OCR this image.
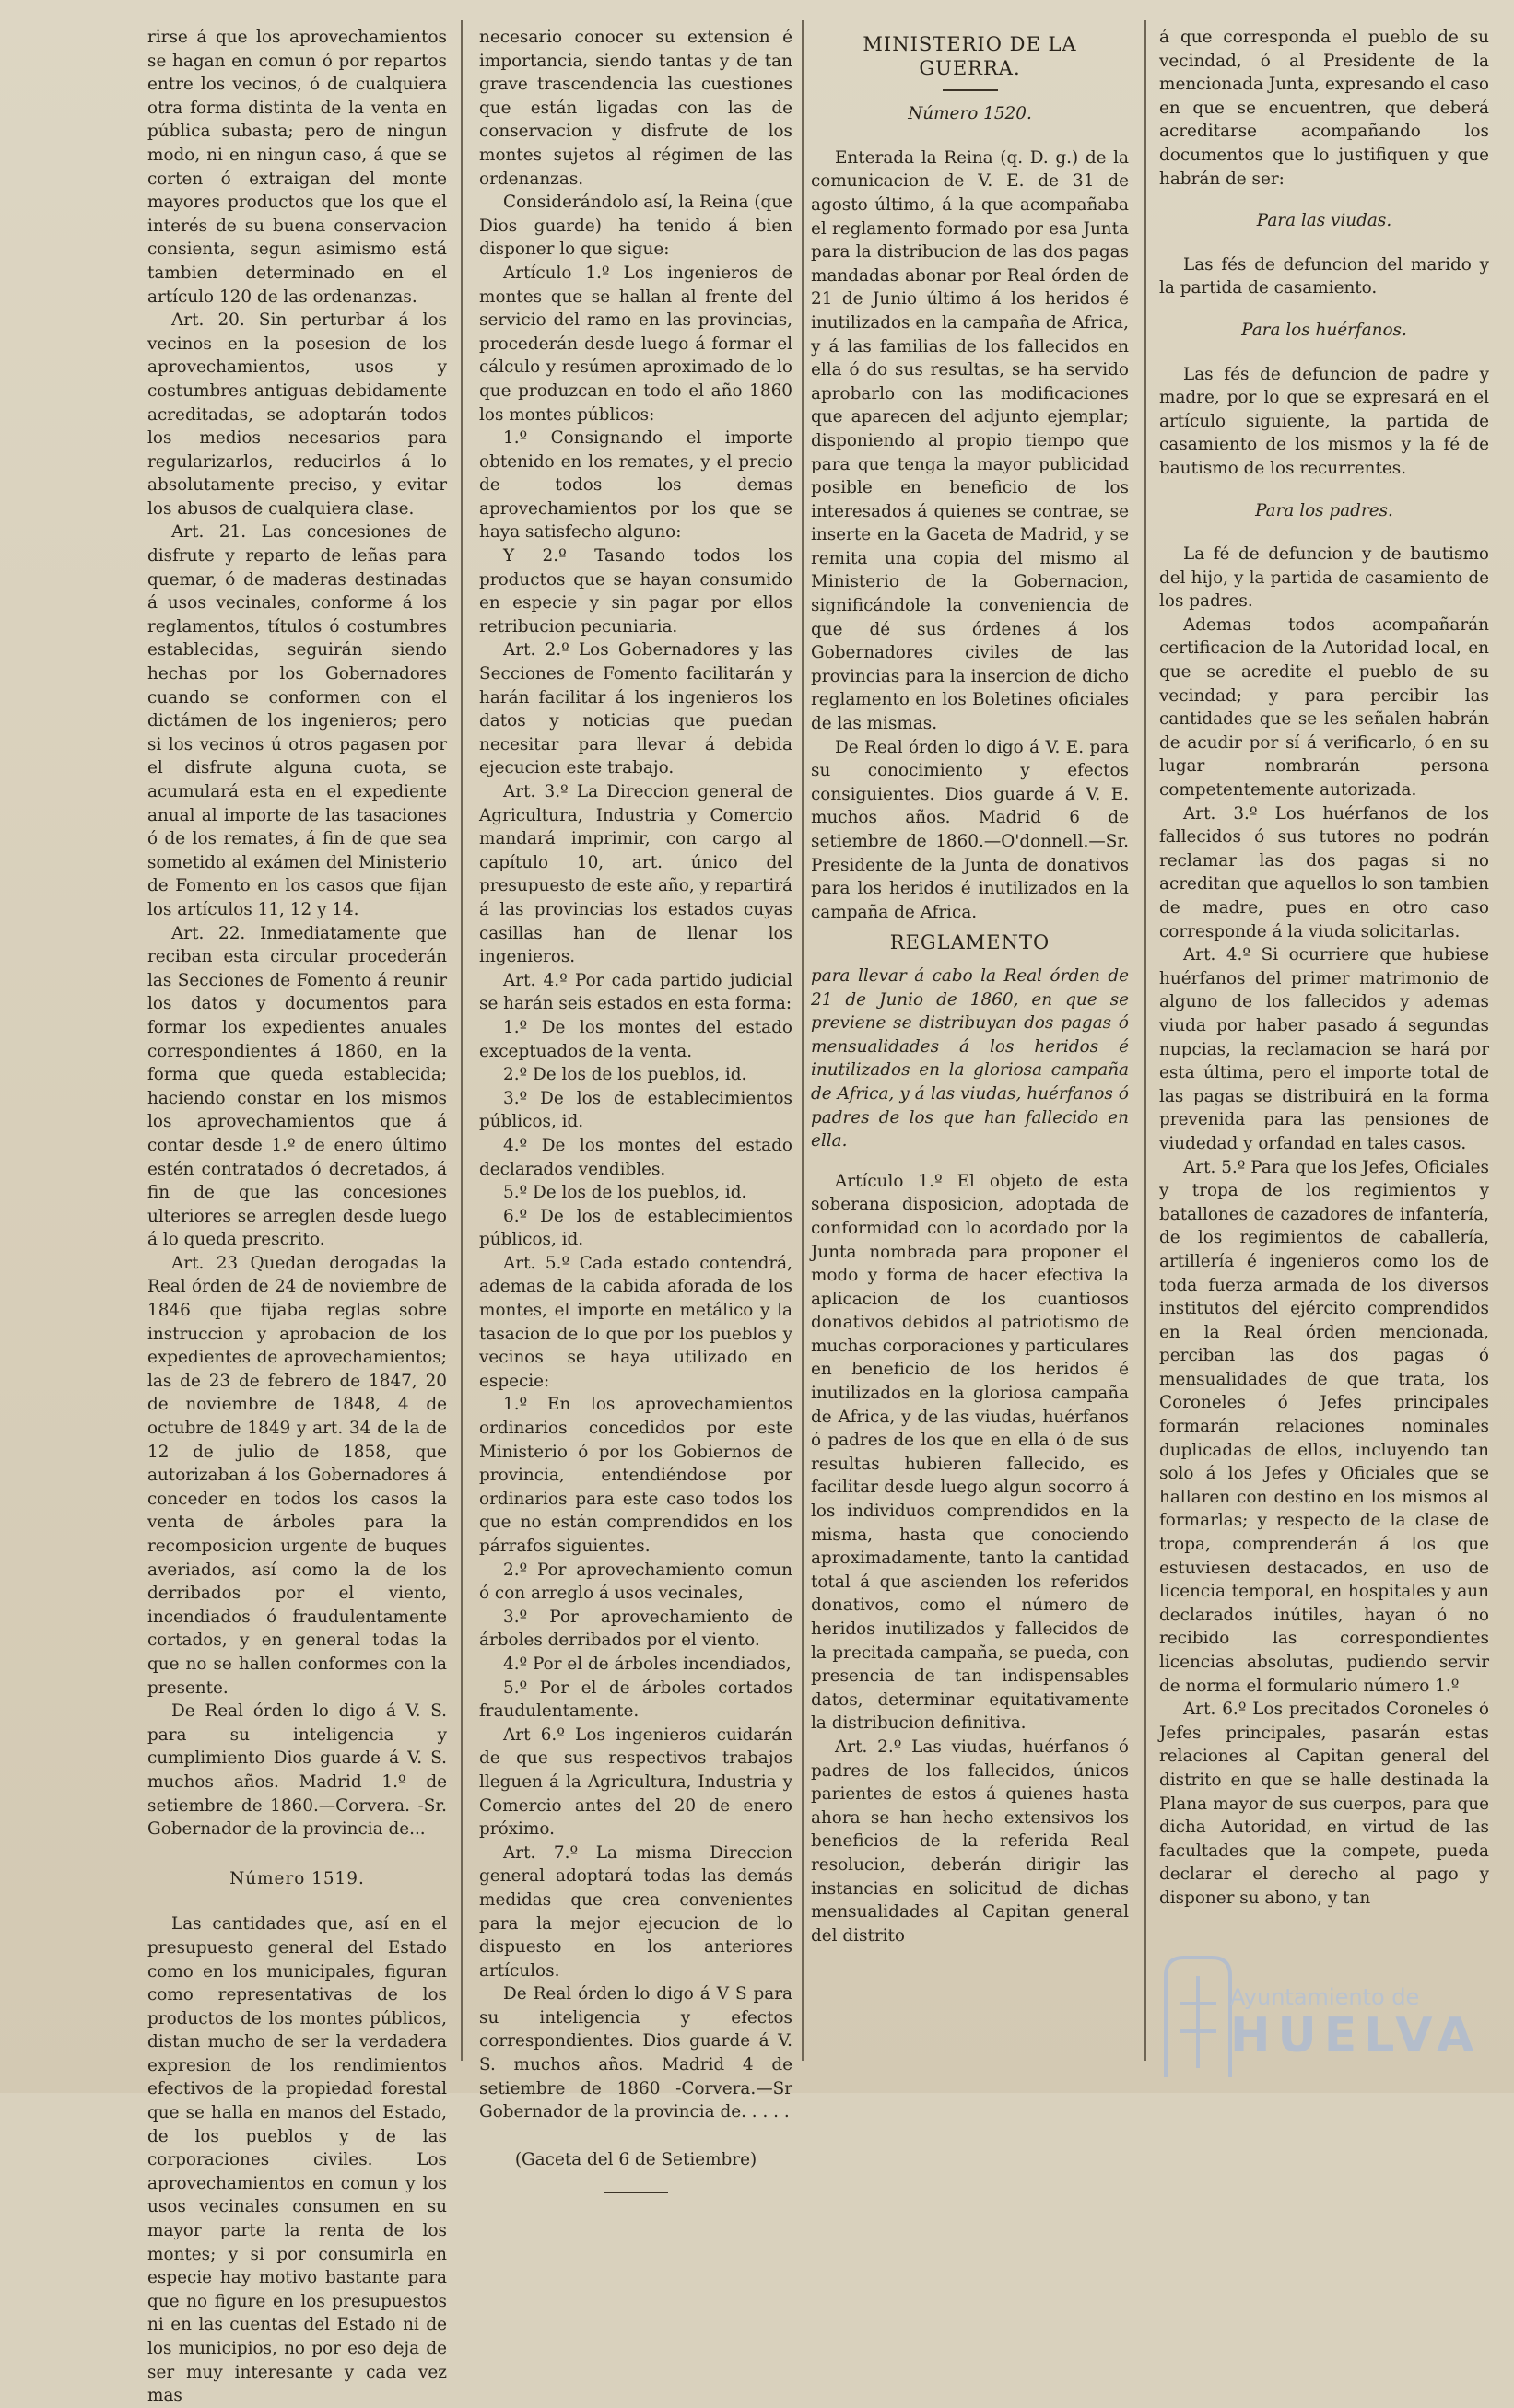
rirse á que los aprovechamientos se hagan en comun ó por repartos entre los vecinos, ó de cualquiera otra forma distinta de la venta en pública subasta; pero de ningun modo, ni en ningun caso, á que se corten ó extraigan del monte mayores productos que los que el interés de su buena conservacion consienta, segun asimismo está tambien determinado en el artículo 120 de las ordenanzas.

Art. 20. Sin perturbar á los vecinos en la posesion de los aprovechamientos, usos y costumbres antiguas debidamente acreditadas, se adoptarán todos los medios necesarios para regularizarlos, reducirlos á lo absolutamente preciso, y evitar los abusos de cualquiera clase.

Art. 21. Las concesiones de disfrute y reparto de leñas para quemar, ó de maderas destinadas á usos vecinales, conforme á los reglamentos, títulos ó costumbres establecidas, seguirán siendo hechas por los Gobernadores cuando se conformen con el dictámen de los ingenieros; pero si los vecinos ú otros pagasen por el disfrute alguna cuota, se acumulará esta en el expediente anual al importe de las tasaciones ó de los remates, á fin de que sea sometido al exámen del Ministerio de Fomento en los casos que fijan los artículos 11, 12 y 14.

Art. 22. Inmediatamente que reciban esta circular procederán las Secciones de Fomento á reunir los datos y documentos para formar los expedientes anuales correspondientes á 1860, en la forma que queda establecida; haciendo constar en los mismos los aprovechamientos que á contar desde 1.º de enero último estén contratados ó decretados, á fin de que las concesiones ulteriores se arreglen desde luego á lo queda prescrito.

Art. 23 Quedan derogadas la Real órden de 24 de noviembre de 1846 que fijaba reglas sobre instruccion y aprobacion de los expedientes de aprovechamientos; las de 23 de febrero de 1847, 20 de noviembre de 1848, 4 de octubre de 1849 y art. 34 de la de 12 de julio de 1858, que autorizaban á los Gobernadores á conceder en todos los casos la venta de árboles para la recomposicion urgente de buques averiados, así como la de los derribados por el viento, incendiados ó fraudulentamente cortados, y en general todas la que no se hallen conformes con la presente.

De Real órden lo digo á V. S. para su inteligencia y cumplimiento Dios guarde á V. S. muchos años. Madrid 1.º de setiembre de 1860.—Corvera. -Sr. Gobernador de la provincia de...

Número 1519.

Las cantidades que, así en el presupuesto general del Estado como en los municipales, figuran como representativas de los productos de los montes públicos, distan mucho de ser la verdadera expresion de los rendimientos efectivos de la propiedad forestal que se halla en manos del Estado, de los pueblos y de las corporaciones civiles. Los aprovechamientos en comun y los usos vecinales consumen en su mayor parte la renta de los montes; y si por consumirla en especie hay motivo bastante para que no figure en los presupuestos ni en las cuentas del Estado ni de los municipios, no por eso deja de ser muy interesante y cada vez mas

necesario conocer su extension é importancia, siendo tantas y de tan grave trascendencia las cuestiones que están ligadas con las de conservacion y disfrute de los montes sujetos al régimen de las ordenanzas.

Considerándolo así, la Reina (que Dios guarde) ha tenido á bien disponer lo que sigue:

Artículo 1.º Los ingenieros de montes que se hallan al frente del servicio del ramo en las provincias, procederán desde luego á formar el cálculo y resúmen aproximado de lo que produzcan en todo el año 1860 los montes públicos:

1.º Consignando el importe obtenido en los remates, y el precio de todos los demas aprovechamientos por los que se haya satisfecho alguno:

Y 2.º Tasando todos los productos que se hayan consumido en especie y sin pagar por ellos retribucion pecuniaria.

Art. 2.º Los Gobernadores y las Secciones de Fomento facilitarán y harán facilitar á los ingenieros los datos y noticias que puedan necesitar para llevar á debida ejecucion este trabajo.

Art. 3.º La Direccion general de Agricultura, Industria y Comercio mandará imprimir, con cargo al capítulo 10, art. único del presupuesto de este año, y repartirá á las provincias los estados cuyas casillas han de llenar los ingenieros.

Art. 4.º Por cada partido judicial se harán seis estados en esta forma:

1.º De los montes del estado exceptuados de la venta.

2.º De los de los pueblos, id.

3.º De los de establecimientos públicos, id.

4.º De los montes del estado declarados vendibles.

5.º De los de los pueblos, id.

6.º De los de establecimientos públicos, id.

Art. 5.º Cada estado contendrá, ademas de la cabida aforada de los montes, el importe en metálico y la tasacion de lo que por los pueblos y vecinos se haya utilizado en especie:

1.º En los aprovechamientos ordinarios concedidos por este Ministerio ó por los Gobiernos de provincia, entendiéndose por ordinarios para este caso todos los que no están comprendidos en los párrafos siguientes.

2.º Por aprovechamiento comun ó con arreglo á usos vecinales,

3.º Por aprovechamiento de árboles derribados por el viento.

4.º Por el de árboles incendiados,

5.º Por el de árboles cortados fraudulentamente.

Art 6.º Los ingenieros cuidarán de que sus respectivos trabajos lleguen á la Agricultura, Industria y Comercio antes del 20 de enero próximo.

Art. 7.º La misma Direccion general adoptará todas las demás medidas que crea convenientes para la mejor ejecucion de lo dispuesto en los anteriores artículos.

De Real órden lo digo á V S para su inteligencia y efectos correspondientes. Dios guarde á V. S. muchos años. Madrid 4 de setiembre de 1860 -Corvera.—Sr Gobernador de la provincia de. . . . .

(Gaceta del 6 de Setiembre)

MINISTERIO DE LA GUERRA.

Número 1520.

Enterada la Reina (q. D. g.) de la comunicacion de V. E. de 31 de agosto último, á la que acompañaba el reglamento formado por esa Junta para la distribucion de las dos pagas mandadas abonar por Real órden de 21 de Junio último á los heridos é inutilizados en la campaña de Africa, y á las familias de los fallecidos en ella ó do sus resultas, se ha servido aprobarlo con las modificaciones que aparecen del adjunto ejemplar; disponiendo al propio tiempo que para que tenga la mayor publicidad posible en beneficio de los interesados á quienes se contrae, se inserte en la Gaceta de Madrid, y se remita una copia del mismo al Ministerio de la Gobernacion, significándole la conveniencia de que dé sus órdenes á los Gobernadores civiles de las provincias para la insercion de dicho reglamento en los Boletines oficiales de las mismas.

De Real órden lo digo á V. E. para su conocimiento y efectos consiguientes. Dios guarde á V. E. muchos años. Madrid 6 de setiembre de 1860.—O'donnell.—Sr. Presidente de la Junta de donativos para los heridos é inutilizados en la campaña de Africa.

REGLAMENTO

para llevar á cabo la Real órden de 21 de Junio de 1860, en que se previene se distribuyan dos pagas ó mensualidades á los heridos é inutilizados en la gloriosa campaña de Africa, y á las viudas, huérfanos ó padres de los que han fallecido en ella.

Artículo 1.º El objeto de esta soberana disposicion, adoptada de conformidad con lo acordado por la Junta nombrada para proponer el modo y forma de hacer efectiva la aplicacion de los cuantiosos donativos debidos al patriotismo de muchas corporaciones y particulares en beneficio de los heridos é inutilizados en la gloriosa campaña de Africa, y de las viudas, huérfanos ó padres de los que en ella ó de sus resultas hubieren fallecido, es facilitar desde luego algun socorro á los individuos comprendidos en la misma, hasta que conociendo aproximadamente, tanto la cantidad total á que ascienden los referidos donativos, como el número de heridos inutilizados y fallecidos de la precitada campaña, se pueda, con presencia de tan indispensables datos, determinar equitativamente la distribucion definitiva.

Art. 2.º Las viudas, huérfanos ó padres de los fallecidos, únicos parientes de estos á quienes hasta ahora se han hecho extensivos los beneficios de la referida Real resolucion, deberán dirigir las instancias en solicitud de dichas mensualidades al Capitan general del distrito

á que corresponda el pueblo de su vecindad, ó al Presidente de la mencionada Junta, expresando el caso en que se encuentren, que deberá acreditarse acompañando los documentos que lo justifiquen y que habrán de ser:

Para las viudas.

Las fés de defuncion del marido y la partida de casamiento.

Para los huérfanos.

Las fés de defuncion de padre y madre, por lo que se expresará en el artículo siguiente, la partida de casamiento de los mismos y la fé de bautismo de los recurrentes.

Para los padres.

La fé de defuncion y de bautismo del hijo, y la partida de casamiento de los padres.

Ademas todos acompañarán certificacion de la Autoridad local, en que se acredite el pueblo de su vecindad; y para percibir las cantidades que se les señalen habrán de acudir por sí á verificarlo, ó en su lugar nombrarán persona competentemente autorizada.

Art. 3.º Los huérfanos de los fallecidos ó sus tutores no podrán reclamar las dos pagas si no acreditan que aquellos lo son tambien de madre, pues en otro caso corresponde á la viuda solicitarlas.

Art. 4.º Si ocurriere que hubiese huérfanos del primer matrimonio de alguno de los fallecidos y ademas viuda por haber pasado á segundas nupcias, la reclamacion se hará por esta última, pero el importe total de las pagas se distribuirá en la forma prevenida para las pensiones de viudedad y orfandad en tales casos.

Art. 5.º Para que los Jefes, Oficiales y tropa de los regimientos y batallones de cazadores de infantería, de los regimientos de caballería, artillería é ingenieros como los de toda fuerza armada de los diversos institutos del ejército comprendidos en la Real órden mencionada, perciban las dos pagas ó mensualidades de que trata, los Coroneles ó Jefes principales formarán relaciones nominales duplicadas de ellos, incluyendo tan solo á los Jefes y Oficiales que se hallaren con destino en los mismos al formarlas; y respecto de la clase de tropa, comprenderán á los que estuviesen destacados, en uso de licencia temporal, en hospitales y aun declarados inútiles, hayan ó no recibido las correspondientes licencias absolutas, pudiendo servir de norma el formulario número 1.º

Art. 6.º Los precitados Coroneles ó Jefes principales, pasarán estas relaciones al Capitan general del distrito en que se halle destinada la Plana mayor de sus cuerpos, para que dicha Autoridad, en virtud de las facultades que la compete, pueda declarar el derecho al pago y disponer su abono, y tan

Ayuntamiento de
HUELVA
